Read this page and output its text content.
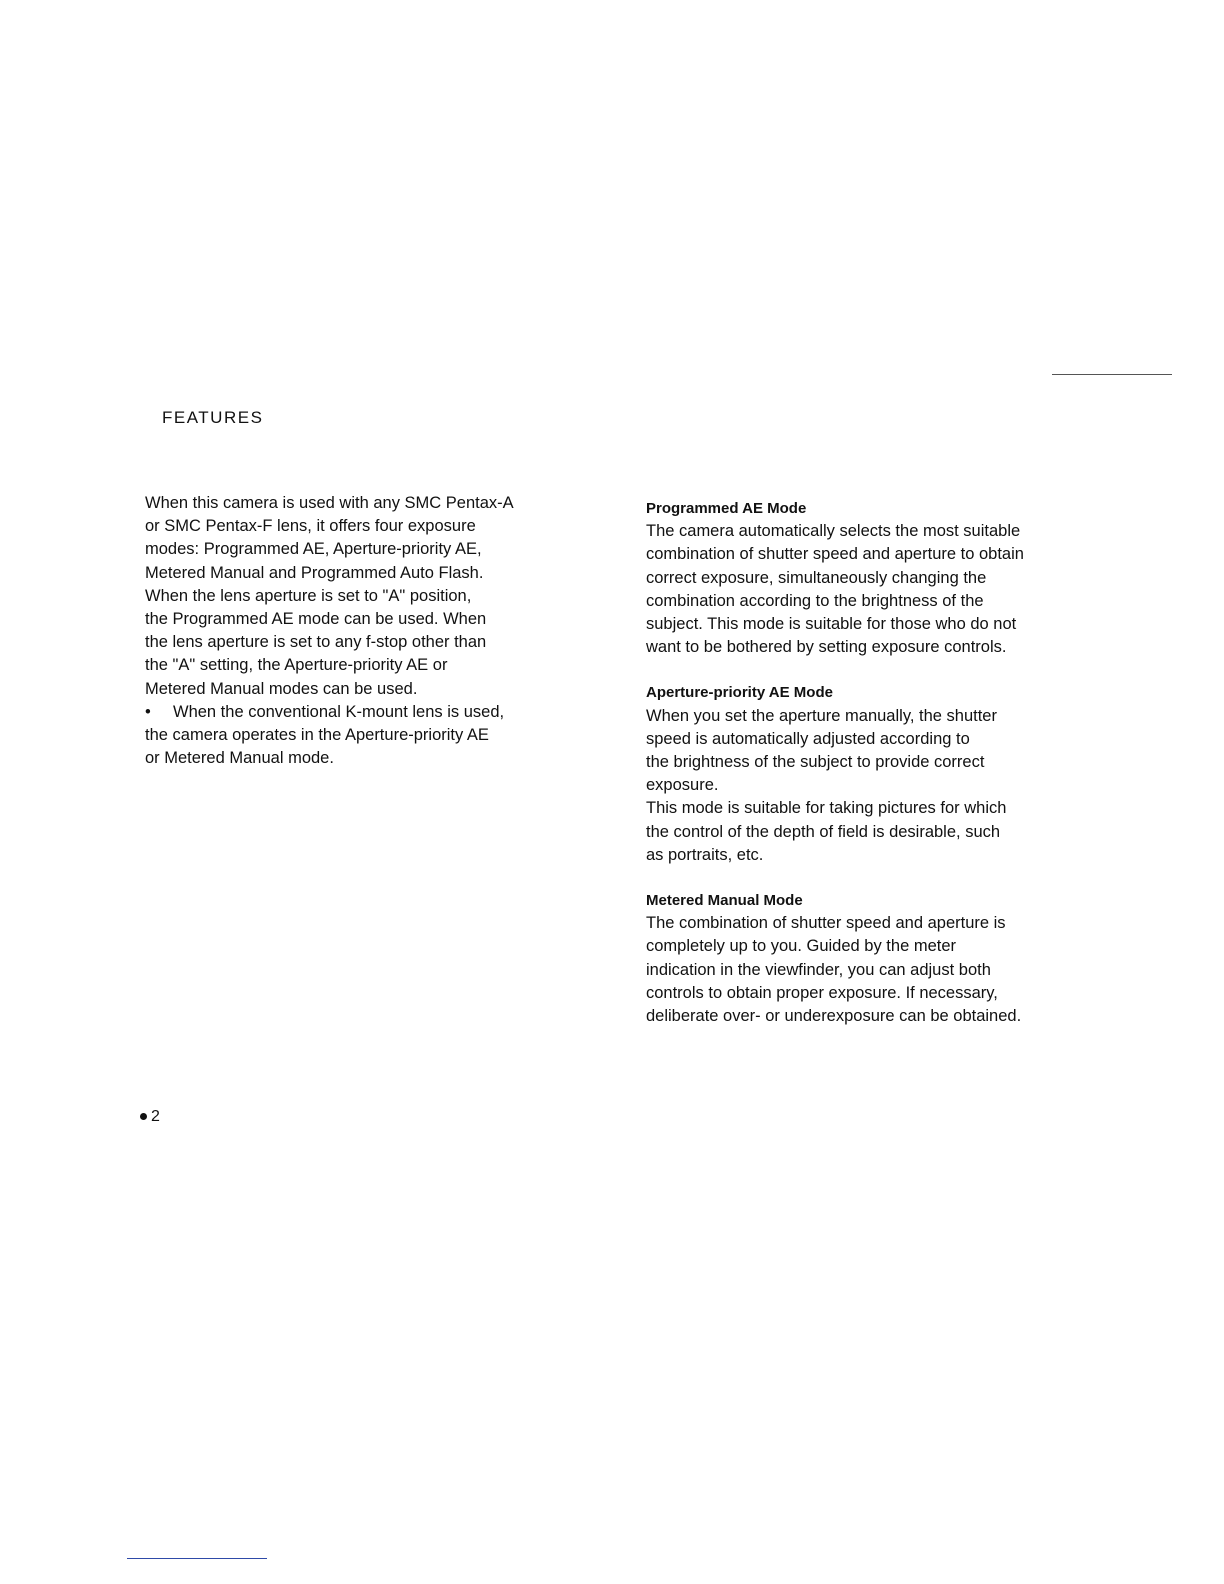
FEATURES
When this camera is used with any SMC Pentax-A
or SMC Pentax-F lens, it offers four exposure
modes: Programmed AE, Aperture-priority AE,
Metered Manual and Programmed Auto Flash.
When the lens aperture is set to "A" position,
the Programmed AE mode can be used. When
the lens aperture is set to any f-stop other than
the "A" setting, the Aperture-priority AE or
Metered Manual modes can be used.
• When the conventional K-mount lens is used,
the camera operates in the Aperture-priority AE
or Metered Manual mode.
Programmed AE Mode
The camera automatically selects the most suitable
combination of shutter speed and aperture to obtain
correct exposure, simultaneously changing the
combination according to the brightness of the
subject. This mode is suitable for those who do not
want to be bothered by setting exposure controls.
Aperture-priority AE Mode
When you set the aperture manually, the shutter
speed is automatically adjusted according to
the brightness of the subject to provide correct
exposure.
This mode is suitable for taking pictures for which
the control of the depth of field is desirable, such
as portraits, etc.
Metered Manual Mode
The combination of shutter speed and aperture is
completely up to you. Guided by the meter
indication in the viewfinder, you can adjust both
controls to obtain proper exposure. If necessary,
deliberate over- or underexposure can be obtained.
2
